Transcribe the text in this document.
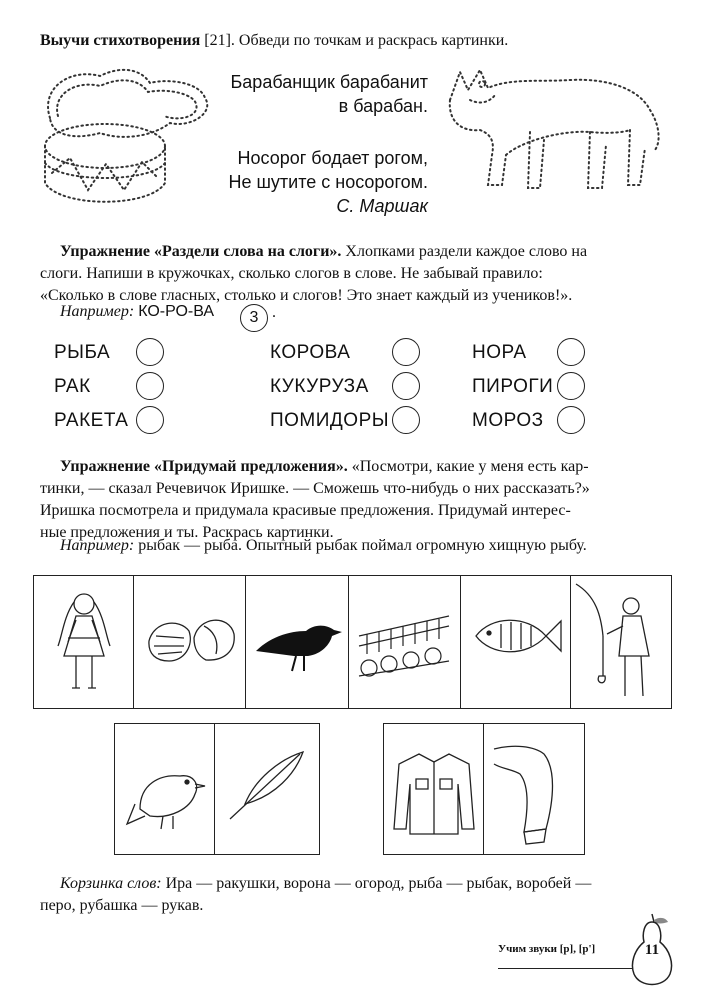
Выучи стихотворения [21]. Обведи по точкам и раскрась картинки.
Барабанщик барабанит
в барабан.
Носорог бодает рогом,
Не шутите с носорогом.
С. Маршак

Упражнение «Раздели слова на слоги». Хлопками раздели каждое слово на

слоги. Напиши в кружочках, сколько слогов в слове. Не забывай правило:

«Сколько в слове гласных, столько и слогов! Это знает каждый из учеников!».

Например: КО-РО-ВА	3 .
РЫБА
РАК
РАКЕТА
КОРОВА
КУКУРУЗА
ПОМИДОРЫ
НОРА
ПИРОГИ
МОРОЗ

Упражнение «Придумай предложения». «Посмотри, какие у меня есть кар-

тинки, — сказал Речевичок Иришке. — Сможешь что-нибудь о них рассказать?»

Иришка посмотрела и придумала красивые предложения. Придумай интерес-

ные предложения и ты. Раскрась картинки.

Например: рыбак — рыба. Опытный рыбак поймал огромную хищную рыбу.

Корзинка слов: Ира — ракушки, ворона — огород, рыба — рыбак, воробей —

перо, рубашка — рукав.

Учим звуки [р], [р']	11
